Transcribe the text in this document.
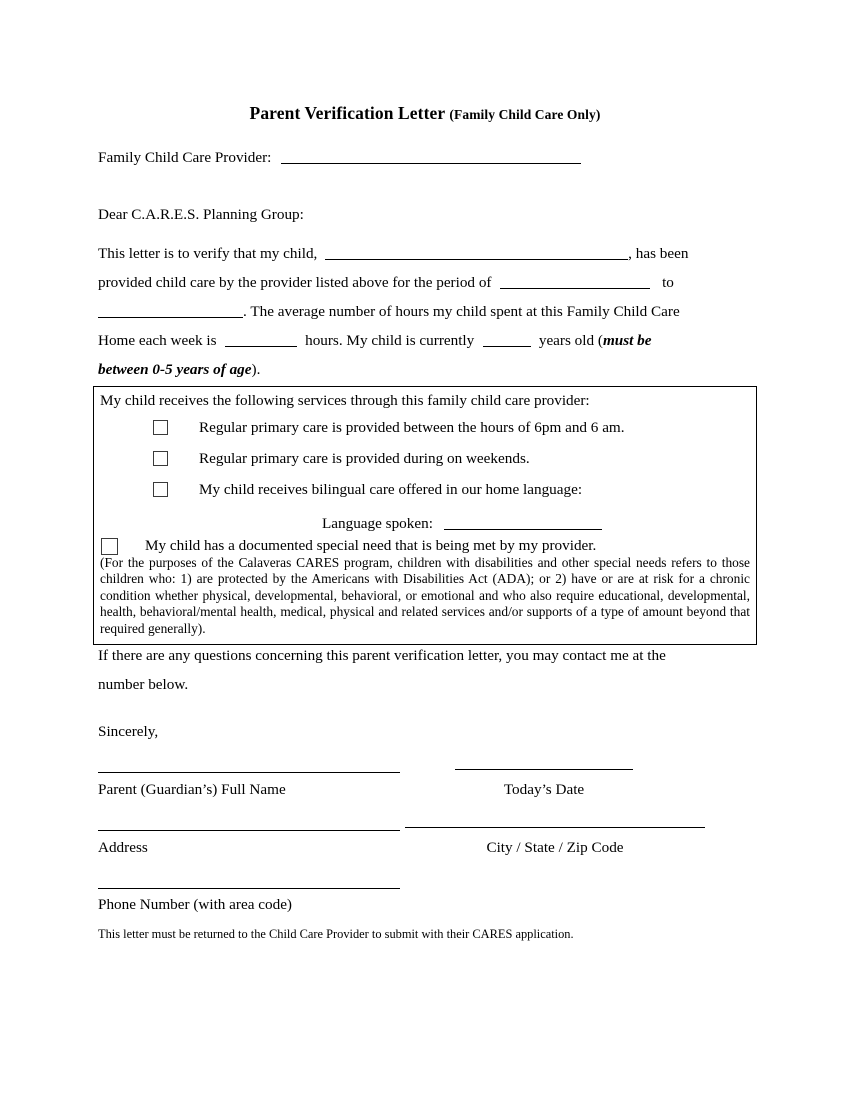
Parent Verification Letter (Family Child Care Only)
Family Child Care Provider:
Dear C.A.R.E.S. Planning Group:
This letter is to verify that my child,	, has been
provided child care by the provider listed above for the period of	to
. The average number of hours my child spent at this Family Child Care
Home each week is	hours. My child is currently	years old (must be
between 0-5 years of age).
My child receives the following services through this family child care provider:
Regular primary care is provided between the hours of 6pm and 6 am.
Regular primary care is provided during on weekends.
My child receives bilingual care offered in our home language:
Language spoken:
My child has a documented special need that is being met by my provider.
(For the purposes of the Calaveras CARES program, children with disabilities and other special needs refers to those children who: 1) are protected by the Americans with Disabilities Act (ADA); or 2) have or are at risk for a chronic condition whether physical, developmental, behavioral, or emotional and who also require educational, developmental, health, behavioral/mental health, medical, physical and related services and/or supports of a type of amount beyond that required generally).
If there are any questions concerning this parent verification letter, you may contact me at the
number below.
Sincerely,
Parent (Guardian’s) Full Name	Today’s Date
Address	City / State / Zip Code
Phone Number (with area code)
This letter must be returned to the Child Care Provider to submit with their CARES application.
